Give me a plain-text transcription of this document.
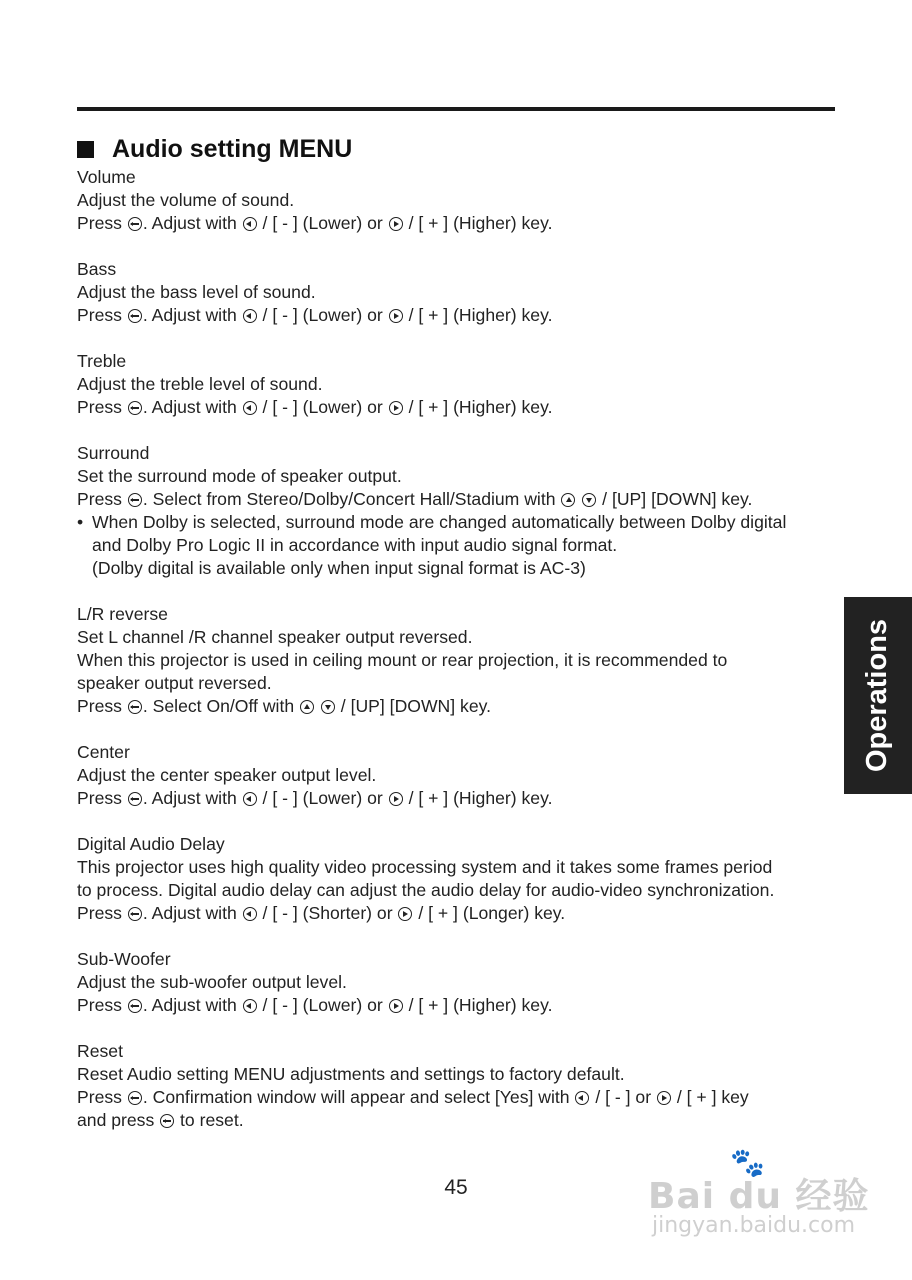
Audio setting MENU
Volume
Adjust the volume of sound.
Press . Adjust with  / [ - ] (Lower) or  / [ + ] (Higher) key.
Bass
Adjust the bass level of sound.
Press . Adjust with  / [ - ] (Lower) or  / [ + ] (Higher) key.
Treble
Adjust the treble level of sound.
Press . Adjust with  / [ - ] (Lower) or  / [ + ] (Higher) key.
Surround
Set the surround mode of speaker output.
Press . Select from Stereo/Dolby/Concert Hall/Stadium with   / [UP] [DOWN] key.
• When Dolby is selected, surround mode are changed automatically between Dolby digital
and Dolby Pro Logic II in accordance with input audio signal format.
(Dolby digital is available only when input signal format is AC-3)
L/R reverse
Set L channel /R channel speaker output reversed.
When this projector is used in ceiling mount or rear projection, it is recommended to
speaker output reversed.
Press . Select On/Off with   / [UP] [DOWN] key.
Center
Adjust the center speaker output level.
Press . Adjust with  / [ - ] (Lower) or  / [ + ] (Higher) key.
Digital Audio Delay
This projector uses high quality video processing system and it takes some frames period
to process. Digital audio delay can adjust the audio delay for audio-video synchronization.
Press . Adjust with  / [ - ] (Shorter) or  / [ + ] (Longer) key.
Sub-Woofer
Adjust the sub-woofer output level.
Press . Adjust with  / [ - ] (Lower) or  / [ + ] (Higher) key.
Reset
Reset Audio setting MENU adjustments and settings to factory default.
Press . Confirmation window will appear and select [Yes] with  / [ - ] or  / [ + ] key
and press  to reset.
Operations
45
🐾
Bai du 经验
jingyan.baidu.com
